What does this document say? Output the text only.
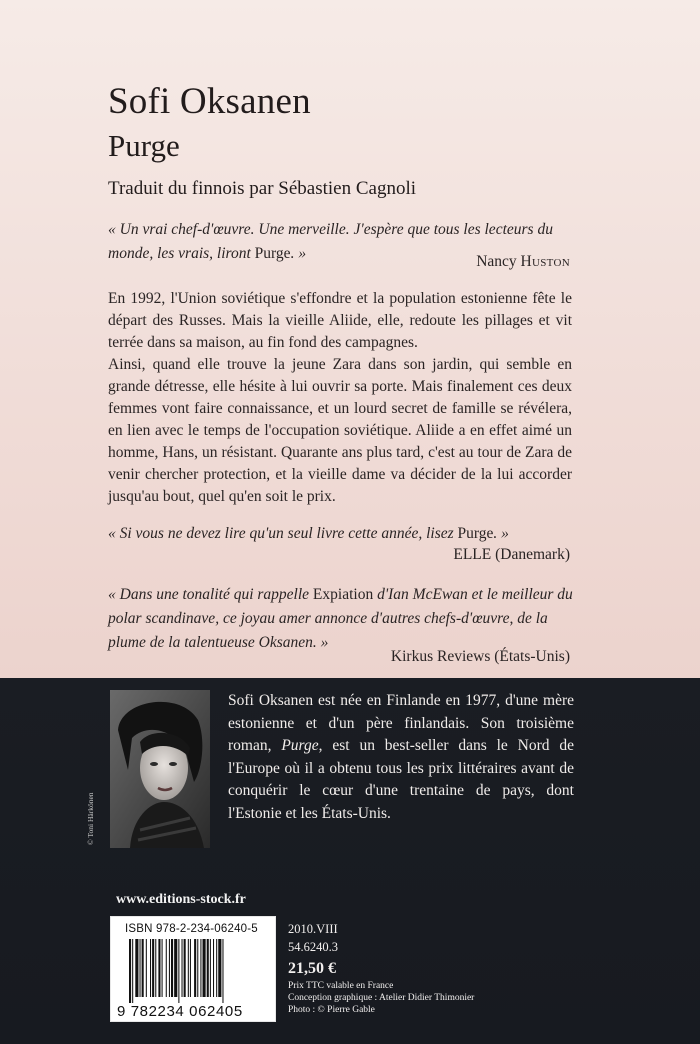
Sofi Oksanen
Purge
Traduit du finnois par Sébastien Cagnoli
« Un vrai chef-d'œuvre. Une merveille. J'espère que tous les lecteurs du monde, les vrais, liront Purge. »	Nancy Huston

En 1992, l'Union soviétique s'effondre et la population estonienne fête le départ des Russes. Mais la vieille Aliide, elle, redoute les pillages et vit terrée dans sa maison, au fin fond des campagnes.

Ainsi, quand elle trouve la jeune Zara dans son jardin, qui semble en grande détresse, elle hésite à lui ouvrir sa porte. Mais finalement ces deux femmes vont faire connaissance, et un lourd secret de famille se révélera, en lien avec le temps de l'occupation soviétique. Aliide a en effet aimé un homme, Hans, un résistant. Quarante ans plus tard, c'est au tour de Zara de venir chercher protection, et la vieille dame va décider de la lui accorder jusqu'au bout, quel qu'en soit le prix.

« Si vous ne devez lire qu'un seul livre cette année, lisez Purge. »
ELLE (Danemark)
« Dans une tonalité qui rappelle Expiation d'Ian McEwan et le meilleur du polar scandinave, ce joyau amer annonce d'autres chefs-d'œuvre, de la plume de la talentueuse Oksanen. »
Kirkus Reviews (États-Unis)
© Toni Härkönen
Sofi Oksanen est née en Finlande en 1977, d'une mère estonienne et d'un père finlandais. Son troisième roman, Purge, est un best-seller dans le Nord de l'Europe où il a obtenu tous les prix littéraires avant de conquérir le cœur d'une trentaine de pays, dont l'Estonie et les États-Unis.
www.editions-stock.fr
ISBN 978-2-234-06240-5
9 782234 062405
2010.VIII
54.6240.3
21,50 €
Prix TTC valable en France
Conception graphique : Atelier Didier Thimonier
Photo : © Pierre Gable
